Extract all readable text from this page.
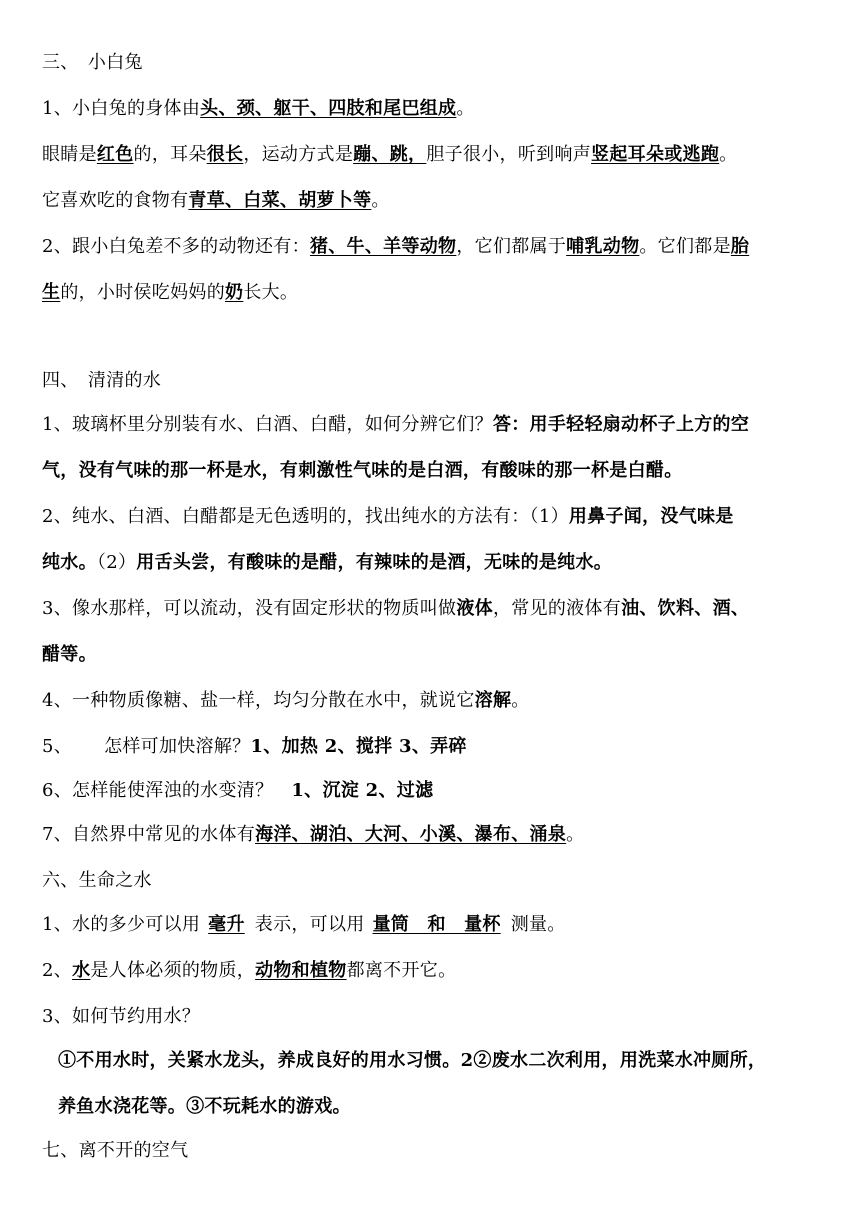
三、　小白兔
1、小白兔的身体由头、颈、躯干、四肢和尾巴组成。
眼睛是红色的，耳朵很长，运动方式是蹦、跳，胆子很小，听到响声竖起耳朵或逃跑。
它喜欢吃的食物有青草、白菜、胡萝卜等。
2、跟小白兔差不多的动物还有：猪、牛、羊等动物，它们都属于哺乳动物。它们都是胎
生的，小时侯吃妈妈的奶长大。
四、　清清的水
1、玻璃杯里分别装有水、白酒、白醋，如何分辨它们？答：用手轻轻扇动杯子上方的空
气，没有气味的那一杯是水，有刺激性气味的是白酒，有酸味的那一杯是白醋。
2、纯水、白酒、白醋都是无色透明的，找出纯水的方法有：（1）用鼻子闻，没气味是
纯水。（2）用舌头尝，有酸味的是醋，有辣味的是酒，无味的是纯水。
3、像水那样，可以流动，没有固定形状的物质叫做液体，常见的液体有油、饮料、酒、
醋等。
4、一种物质像糖、盐一样，均匀分散在水中，就说它溶解。
5、 怎样可加快溶解？1、加热 2、搅拌 3、弄碎
6、怎样能使浑浊的水变清？ 1、沉淀 2、过滤
7、自然界中常见的水体有海洋、湖泊、大河、小溪、瀑布、涌泉。
六、生命之水
1、水的多少可以用 毫升 表示，可以用 量筒　和　量杯 测量。
2、水是人体必须的物质，动物和植物都离不开它。
3、如何节约用水？
①不用水时，关紧水龙头，养成良好的用水习惯。2②废水二次利用，用洗菜水冲厕所，
养鱼水浇花等。③不玩耗水的游戏。
七、离不开的空气
